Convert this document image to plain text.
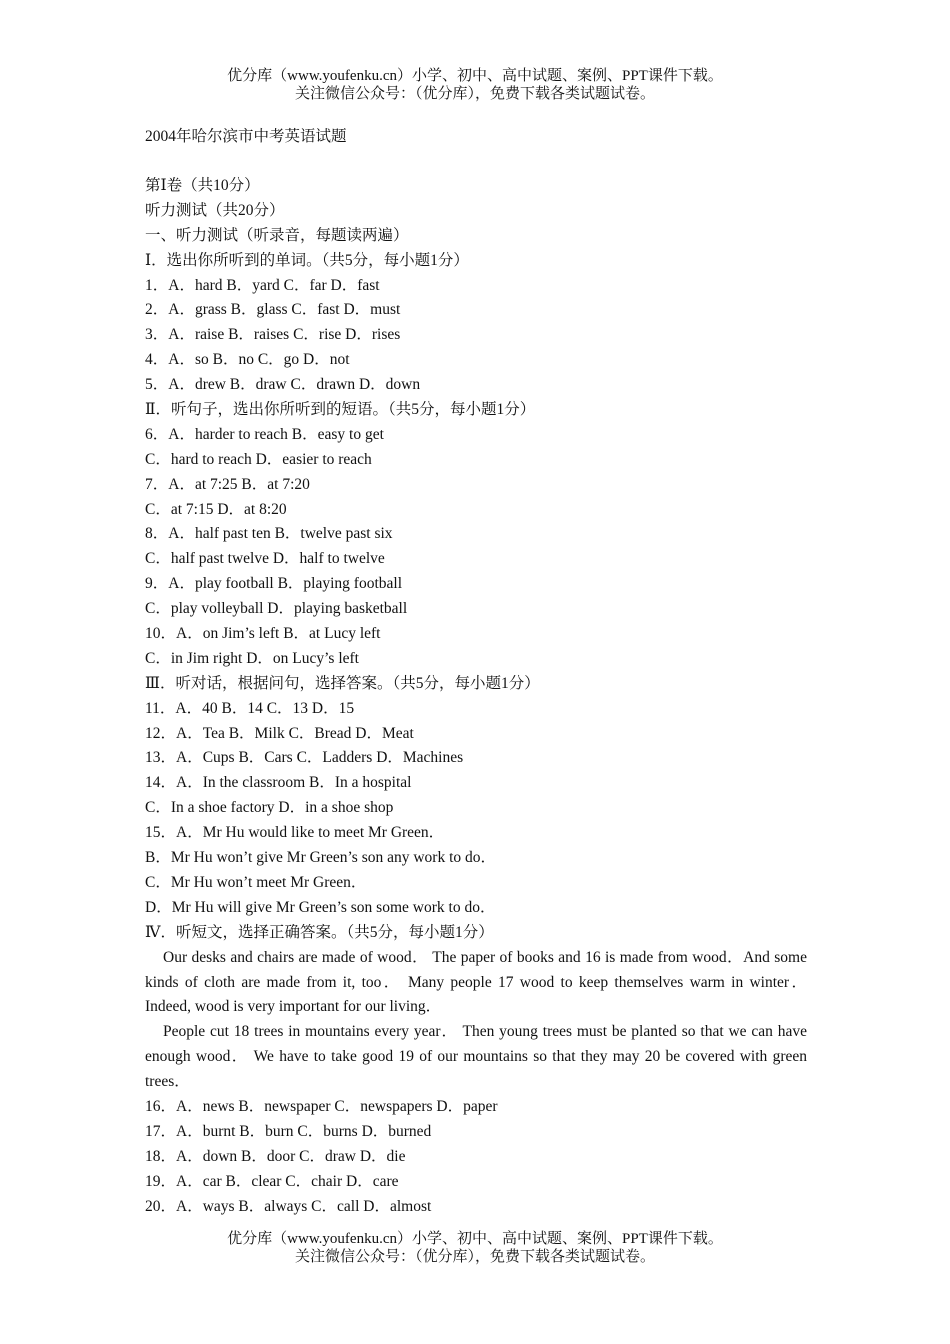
优分库（www.youfenku.cn）小学、初中、高中试题、案例、PPT课件下载。
关注微信公众号：（优分库），免费下载各类试题试卷。
2004年哈尔滨市中考英语试题
第Ⅰ卷（共10分）
听力测试（共20分）
一、听力测试（听录音，每题读两遍）
Ⅰ．选出你所听到的单词。（共5分，每小题1分）
1．A．hard B．yard C．far D．fast
2．A．grass B．glass C．fast D．must
3．A．raise B．raises C．rise D．rises
4．A．so B．no C．go D．not
5．A．drew B．draw C．drawn D．down
Ⅱ．听句子，选出你所听到的短语。（共5分，每小题1分）
6．A．harder to reach B．easy to get
C．hard to reach D．easier to reach
7．A．at 7:25 B．at 7:20
C．at 7:15 D．at 8:20
8．A．half past ten B．twelve past six
C．half past twelve D．half to twelve
9．A．play football B．playing football
C．play volleyball D．playing basketball
10．A．on Jim’s left B．at Lucy left
C．in Jim right D．on Lucy’s left
Ⅲ．听对话，根据问句，选择答案。（共5分，每小题1分）
11．A．40 B．14 C．13 D．15
12．A．Tea B．Milk C．Bread D．Meat
13．A．Cups B．Cars C．Ladders D．Machines
14．A．In the classroom B．In a hospital
C．In a shoe factory D．in a shoe shop
15．A．Mr Hu would like to meet Mr Green．
B．Mr Hu won’t give Mr Green’s son any work to do．
C．Mr Hu won’t meet Mr Green．
D．Mr Hu will give Mr Green’s son some work to do．
Ⅳ．听短文，选择正确答案。（共5分，每小题1分）
Our desks and chairs are made of wood． The paper of books and 16 is made from wood．And some kinds of cloth are made from it, too． Many people 17 wood to keep themselves warm in winter． Indeed, wood is very important for our living．
People cut 18 trees in mountains every year． Then young trees must be planted so that we can have enough wood． We have to take good 19 of our mountains so that they may 20 be covered with green trees．
16．A．news B．newspaper C．newspapers D．paper
17．A．burnt B．burn C．burns D．burned
18．A．down B．door C．draw D．die
19．A．car B．clear C．chair D．care
20．A．ways B．always C．call D．almost
优分库（www.youfenku.cn）小学、初中、高中试题、案例、PPT课件下载。
关注微信公众号：（优分库），免费下载各类试题试卷。
